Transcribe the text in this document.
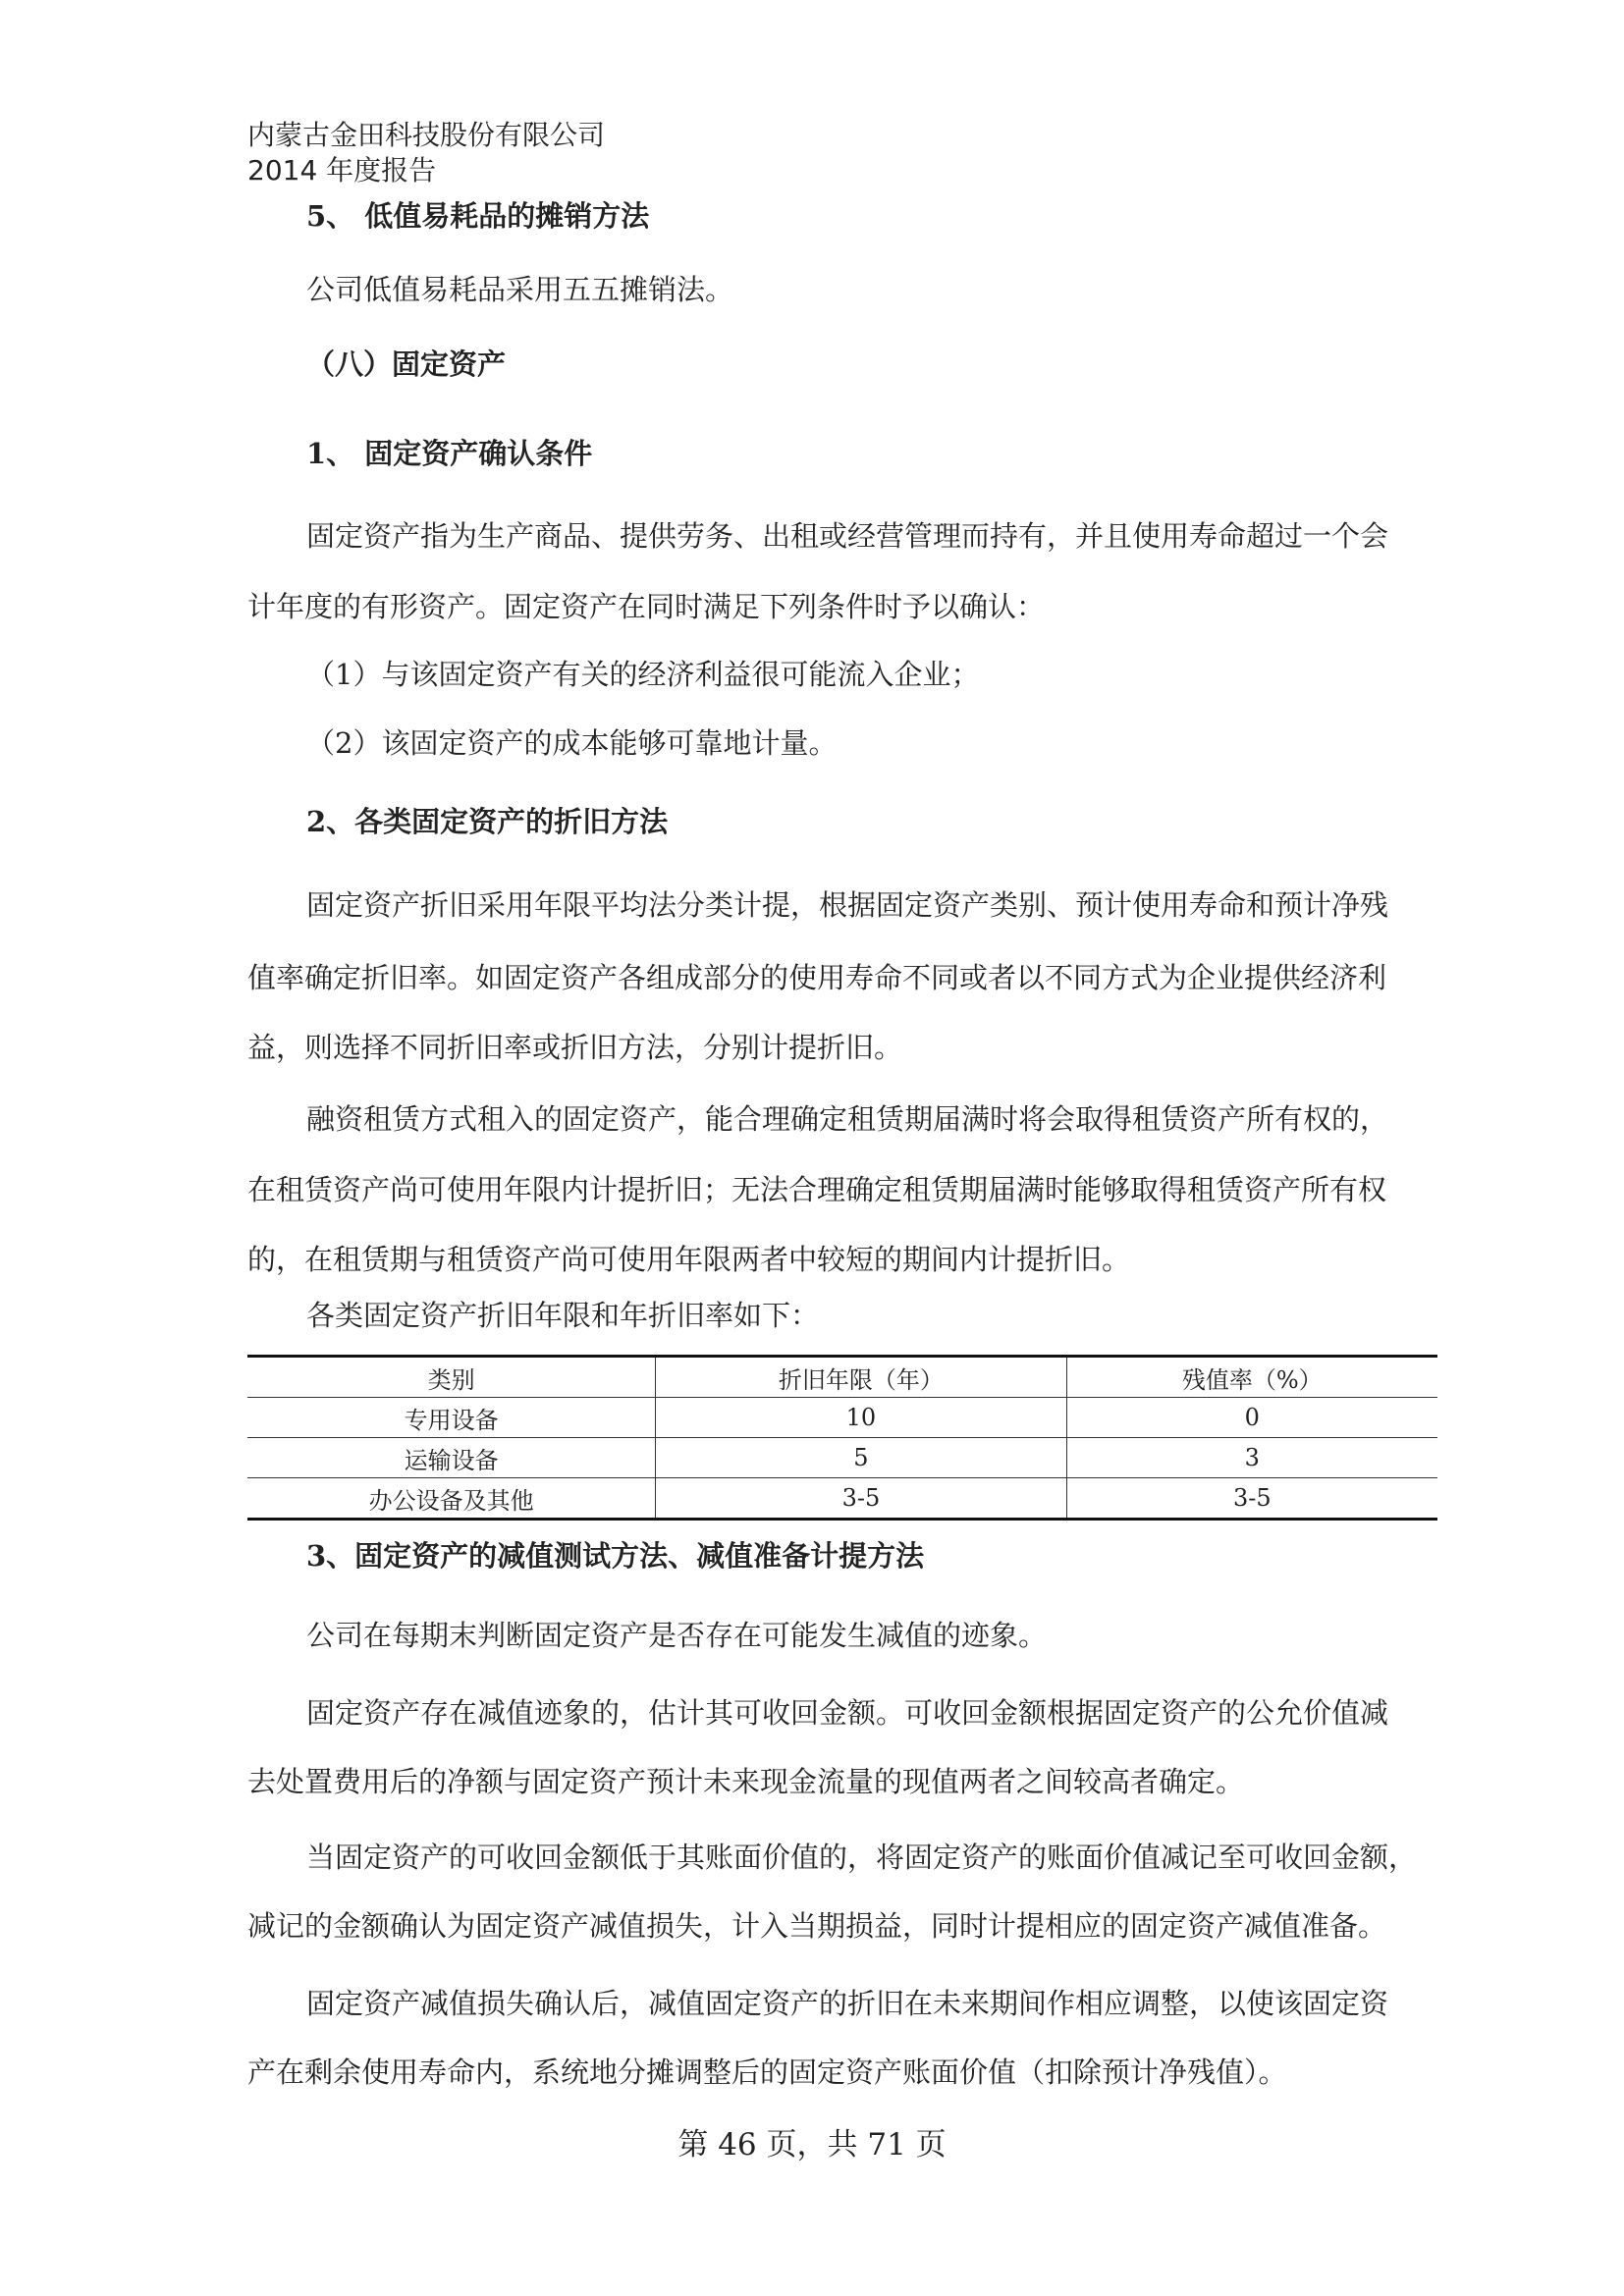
内蒙古金田科技股份有限公司
2014 年度报告
5、 低值易耗品的摊销方法
公司低值易耗品采用五五摊销法。
（八）固定资产
1、 固定资产确认条件
固定资产指为生产商品、提供劳务、出租或经营管理而持有，并且使用寿命超过一个会
计年度的有形资产。固定资产在同时满足下列条件时予以确认：
（1）与该固定资产有关的经济利益很可能流入企业；
（2）该固定资产的成本能够可靠地计量。
2、各类固定资产的折旧方法
固定资产折旧采用年限平均法分类计提，根据固定资产类别、预计使用寿命和预计净残
值率确定折旧率。如固定资产各组成部分的使用寿命不同或者以不同方式为企业提供经济利
益，则选择不同折旧率或折旧方法，分别计提折旧。
融资租赁方式租入的固定资产，能合理确定租赁期届满时将会取得租赁资产所有权的，
在租赁资产尚可使用年限内计提折旧；无法合理确定租赁期届满时能够取得租赁资产所有权
的，在租赁期与租赁资产尚可使用年限两者中较短的期间内计提折旧。
各类固定资产折旧年限和年折旧率如下：
类别	折旧年限（年）	残值率（%）
专用设备	10	0
运输设备	5	3
办公设备及其他	3-5	3-5
3、固定资产的减值测试方法、减值准备计提方法
公司在每期末判断固定资产是否存在可能发生减值的迹象。
固定资产存在减值迹象的，估计其可收回金额。可收回金额根据固定资产的公允价值减
去处置费用后的净额与固定资产预计未来现金流量的现值两者之间较高者确定。
当固定资产的可收回金额低于其账面价值的，将固定资产的账面价值减记至可收回金额，
减记的金额确认为固定资产减值损失，计入当期损益，同时计提相应的固定资产减值准备。
固定资产减值损失确认后，减值固定资产的折旧在未来期间作相应调整，以使该固定资
产在剩余使用寿命内，系统地分摊调整后的固定资产账面价值（扣除预计净残值）。
第 46 页，共 71 页
